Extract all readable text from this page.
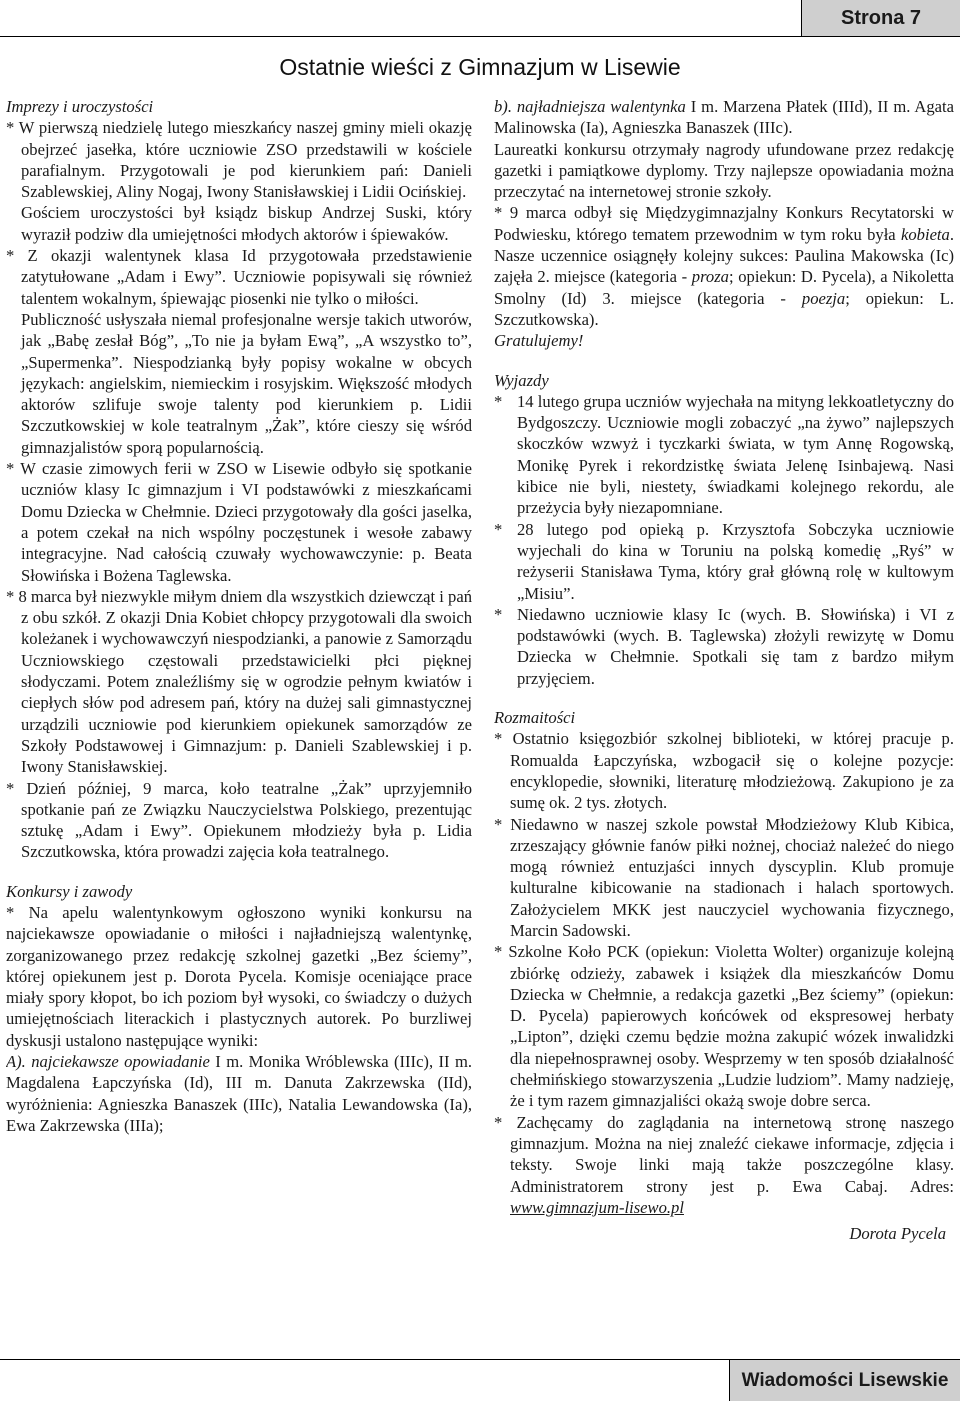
Strona 7
Ostatnie wieści z Gimnazjum w Lisewie

Imprezy i uroczystości

* W pierwszą niedzielę lutego mieszkańcy naszej gminy mieli okazję obejrzeć jasełka, które uczniowie ZSO przedstawili w kościele parafialnym. Przygotowali je pod kierunkiem pań: Danieli Szablewskiej, Aliny Nogaj, Iwony Stanisławskiej i Lidii Ocińskiej.

Gościem uroczystości był ksiądz biskup Andrzej Suski, który wyraził podziw dla umiejętności młodych aktorów i śpiewaków.

* Z okazji walentynek klasa Id przygotowała przedstawienie zatytułowane „Adam i Ewy”. Uczniowie popisywali się również talentem wokalnym, śpiewając piosenki nie tylko o miłości.

Publiczność usłyszała niemal profesjonalne wersje takich utworów, jak „Babę zesłał Bóg”, „To nie ja byłam Ewą”, „A wszystko to”, „Supermenka”. Niespodzianką były popisy wokalne w obcych językach: angielskim, niemieckim i rosyjskim. Większość młodych aktorów szlifuje swoje talenty pod kierunkiem p. Lidii Szczutkowskiej w kole teatralnym „Żak”, które cieszy się wśród gimnazjalistów sporą popularnością.

* W czasie zimowych ferii w ZSO w Lisewie odbyło się spotkanie uczniów klasy Ic gimnazjum i VI podstawówki z mieszkańcami Domu Dziecka w Chełmnie. Dzieci przygotowały dla gości jaselka, a potem czekał na nich wspólny poczęstunek i wesołe zabawy integracyjne. Nad całością czuwały wychowawczynie: p. Beata Słowińska i Bożena Taglewska.

* 8 marca był niezwykle miłym dniem dla wszystkich dziewcząt i pań z obu szkół. Z okazji Dnia Kobiet chłopcy przygotowali dla swoich koleżanek i wychowawczyń niespodzianki, a panowie z Samorządu Uczniowskiego częstowali przedstawicielki płci pięknej słodyczami. Potem znaleźliśmy się w ogrodzie pełnym kwiatów i ciepłych słów pod adresem pań, który na dużej sali gimnastycznej urządzili uczniowie pod kierunkiem opiekunek samorządów ze Szkoły Podstawowej i Gimnazjum: p. Danieli Szablewskiej i p. Iwony Stanisławskiej.

* Dzień później, 9 marca, koło teatralne „Żak” uprzyjemniło spotkanie pań ze Związku Nauczycielstwa Polskiego, prezentując sztukę „Adam i Ewy”. Opiekunem młodzieży była p. Lidia Szczutkowska, która prowadzi zajęcia koła teatralnego.

Konkursy i zawody

* Na apelu walentynkowym ogłoszono wyniki konkursu na najciekawsze opowiadanie o miłości i najładniejszą walentynkę, zorganizowanego przez redakcję szkolnej gazetki „Bez ściemy”, której opiekunem jest p. Dorota Pycela. Komisje oceniające prace miały spory kłopot, bo ich poziom był wysoki, co świadczy o dużych umiejętnościach literackich i plastycznych autorek. Po burzliwej dyskusji ustalono następujące wyniki:

A). najciekawsze opowiadanie I m. Monika Wróblewska (IIIc), II m. Magdalena Łapczyńska (Id), III m. Danuta Zakrzewska (IId), wyróżnienia: Agnieszka Banaszek (IIIc), Natalia Lewandowska (Ia), Ewa Zakrzewska (IIIa);

b). najładniejsza walentynka I m. Marzena Płatek (IIId), II m. Agata Malinowska (Ia), Agnieszka Banaszek (IIIc).

Laureatki konkursu otrzymały nagrody ufundowane przez redakcję gazetki i pamiątkowe dyplomy. Trzy najlepsze opowiadania można przeczytać na internetowej stronie szkoły.

* 9 marca odbył się Międzygimnazjalny Konkurs Recytatorski w Podwiesku, którego tematem przewodnim w tym roku była kobieta. Nasze uczennice osiągnęły kolejny sukces: Paulina Makowska (Ic) zajęła 2. miejsce (kategoria - proza; opiekun: D. Pycela), a Nikoletta Smolny (Id) 3. miejsce (kategoria - poezja; opiekun: L. Szczutkowska).

Gratulujemy!

Wyjazdy

* 14 lutego grupa uczniów wyjechała na mityng lekkoatletyczny do Bydgoszczy. Uczniowie mogli zobaczyć „na żywo” najlepszych skoczków wzwyż i tyczkarki świata, w tym Annę Rogowską, Monikę Pyrek i rekordzistkę świata Jelenę Isinbajewą. Nasi kibice nie byli, niestety, świadkami kolejnego rekordu, ale przeżycia były niezapomniane.

* 28 lutego pod opieką p. Krzysztofa Sobczyka uczniowie wyjechali do kina w Toruniu na polską komedię „Ryś” w reżyserii Stanisława Tyma, który grał główną rolę w kultowym „Misiu”.

* Niedawno uczniowie klasy Ic (wych. B. Słowińska) i VI z podstawówki (wych. B. Taglewska) złożyli rewizytę w Domu Dziecka w Chełmnie. Spotkali się tam z bardzo miłym przyjęciem.

Rozmaitości

* Ostatnio księgozbiór szkolnej biblioteki, w której pracuje p. Romualda Łapczyńska, wzbogacił się o kolejne pozycje: encyklopedie, słowniki, literaturę młodzieżową. Zakupiono je za sumę ok. 2 tys. złotych.

* Niedawno w naszej szkole powstał Młodzieżowy Klub Kibica, zrzeszający głównie fanów piłki nożnej, chociaż należeć do niego mogą również entuzjaści innych dyscyplin. Klub promuje kulturalne kibicowanie na stadionach i halach sportowych. Założycielem MKK jest nauczyciel wychowania fizycznego, Marcin Sadowski.

* Szkolne Koło PCK (opiekun: Violetta Wolter) organizuje kolejną zbiórkę odzieży, zabawek i książek dla mieszkańców Domu Dziecka w Chełmnie, a redakcja gazetki „Bez ściemy” (opiekun: D. Pycela) papierowych końcówek od ekspresowej herbaty „Lipton”, dzięki czemu będzie można zakupić wózek inwalidzki dla niepełnosprawnej osoby. Wesprzemy w ten sposób działalność chełmińskiego stowarzyszenia „Ludzie ludziom”. Mamy nadzieję, że i tym razem gimnazjaliści okażą swoje dobre serca.

* Zachęcamy do zaglądania na internetową stronę naszego gimnazjum. Można na niej znaleźć ciekawe informacje, zdjęcia i teksty. Swoje linki mają także poszczególne klasy. Administratorem strony jest p. Ewa Cabaj. Adres: www.gimnazjum-lisewo.pl

Dorota Pycela

Wiadomości Lisewskie
